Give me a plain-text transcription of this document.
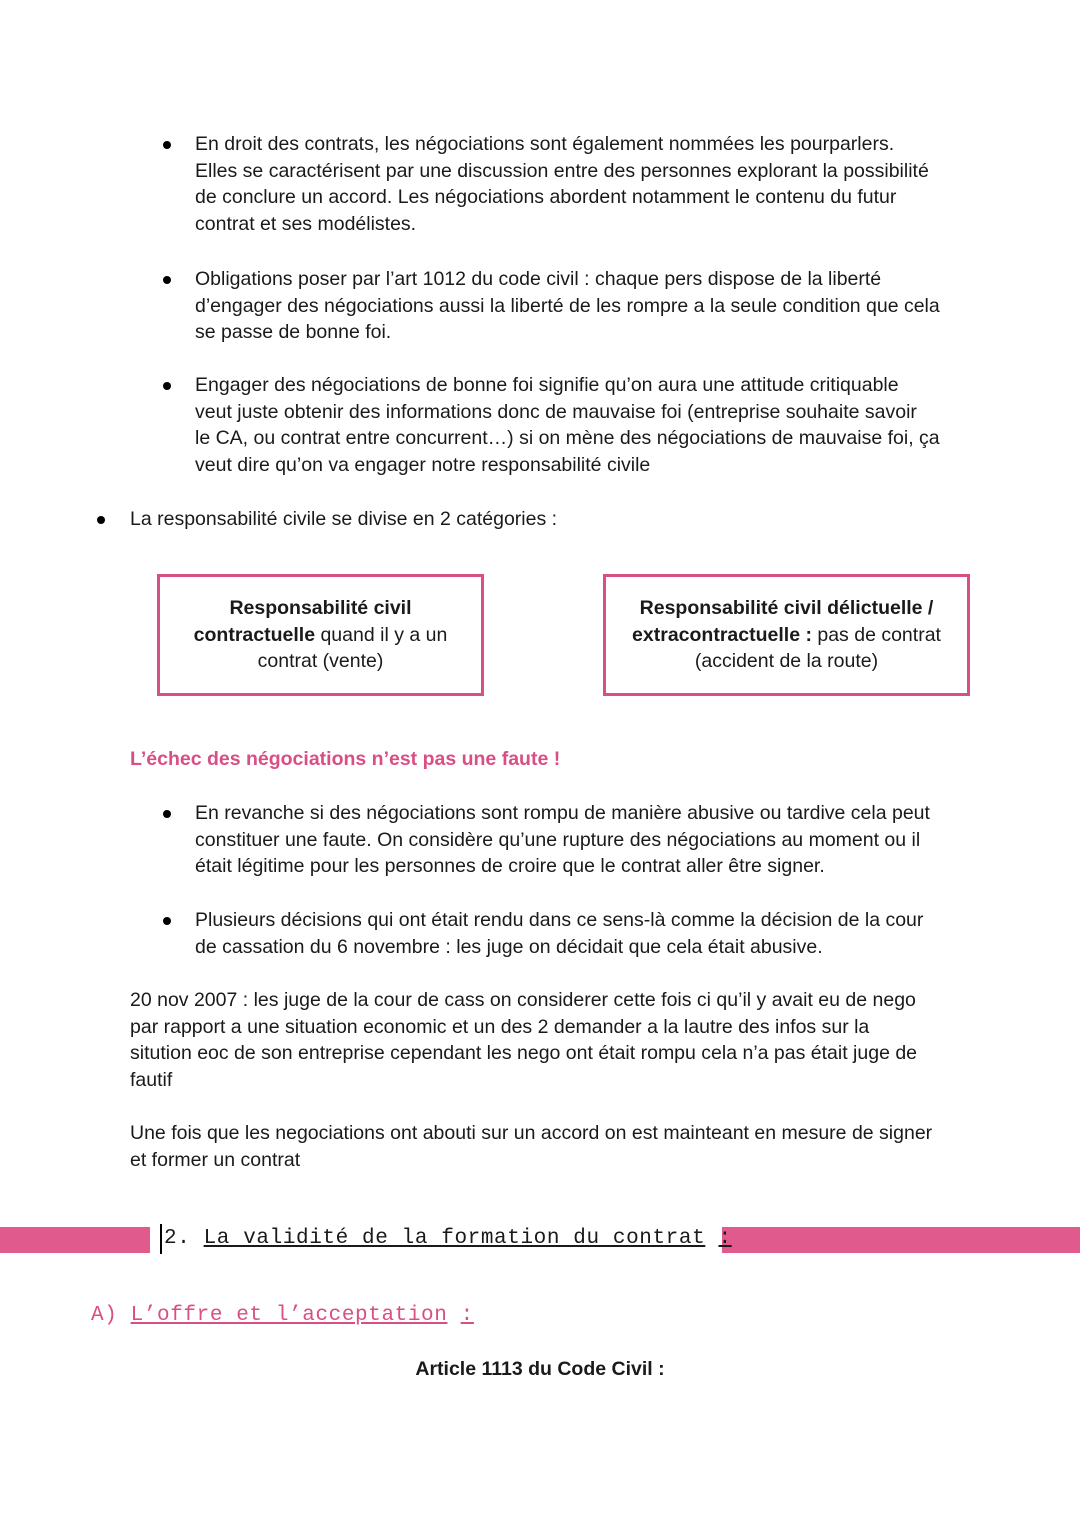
En droit des contrats, les négociations sont également nommées les pourparlers.
Elles se caractérisent par une discussion entre des personnes explorant la possibilité
de conclure un accord. Les négociations abordent notamment le contenu du futur
contrat et ses modélistes.
Obligations poser par l’art 1012 du code civil : chaque pers dispose de la liberté
d’engager des négociations aussi la liberté de les rompre a la seule condition que cela
se passe de bonne foi.
Engager des négociations de bonne foi signifie qu’on aura une attitude critiquable
veut juste obtenir des informations donc de mauvaise foi (entreprise souhaite savoir
le CA, ou contrat entre concurrent…) si on mène des négociations de mauvaise foi, ça
veut dire qu’on va engager notre responsabilité civile
La responsabilité civile se divise en 2 catégories :
Responsabilité civil
contractuelle quand il y a un
contrat (vente)
Responsabilité civil délictuelle /
extracontractuelle : pas de contrat
(accident de la route)
L’échec des négociations n’est pas une faute !
En revanche si des négociations sont rompu de manière abusive ou tardive cela peut
constituer une faute. On considère qu’une rupture des négociations au moment ou il
était légitime pour les personnes de croire que le contrat aller être signer.
Plusieurs décisions qui ont était rendu dans ce sens-là comme la décision de la cour
de cassation du 6 novembre : les juge on décidait que cela était abusive.
20 nov 2007 : les juge de la cour de cass on considerer cette fois ci qu’il y avait eu de nego
par rapport a une situation economic et un des 2 demander a la lautre des infos sur la
sitution eoc de son entreprise cependant les nego ont était rompu cela n’a pas était juge de
fautif
Une fois que les negociations ont abouti sur un accord on est mainteant en mesure de signer
et former un contrat
2. La validité de la formation du contrat :
A) L’offre et l’acceptation :
Article 1113 du Code Civil :
